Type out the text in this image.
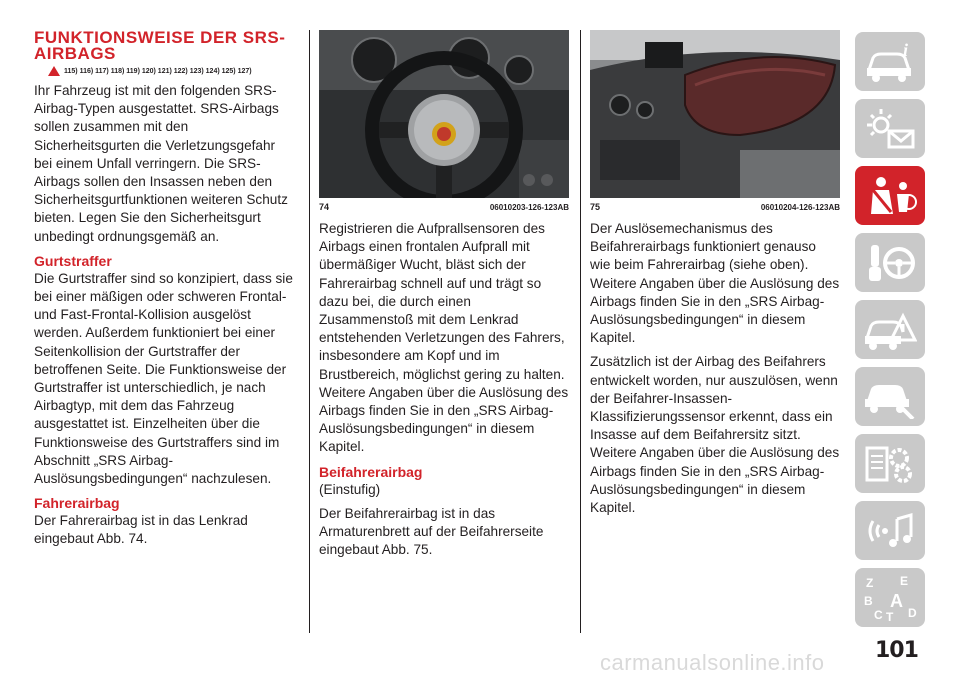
FUNKTIONSWEISE DER SRS-AIRBAGS
115) 116) 117) 118) 119) 120) 121) 122) 123) 124) 125) 127)

Ihr Fahrzeug ist mit den folgenden SRS-Airbag-Typen ausgestattet. SRS-Airbags sollen zusammen mit den Sicherheitsgurten die Verletzungsgefahr bei einem Unfall verringern. Die SRS-Airbags sollen den Insassen neben den Sicherheitsgurtfunktionen weiteren Schutz bieten. Legen Sie den Sicherheitsgurt unbedingt ordnungsgemäß an.

Gurtstraffer

Die Gurtstraffer sind so konzipiert, dass sie bei einer mäßigen oder schweren Frontal- und Fast-Frontal-Kollision ausgelöst werden. Außerdem funktioniert bei einer Seitenkollision der Gurtstraffer der betroffenen Seite. Die Funktionsweise der Gurtstraffer ist unterschiedlich, je nach Airbagtyp, mit dem das Fahrzeug ausgestattet ist. Einzelheiten über die Funktionsweise des Gurtstraffers sind im Abschnitt „SRS Airbag-Auslösungsbedingungen“ nachzulesen.

Fahrerairbag

Der Fahrerairbag ist in das Lenkrad eingebaut Abb. 74.

74	06010203-126-123AB

Registrieren die Aufprallsensoren des Airbags einen frontalen Aufprall mit übermäßiger Wucht, bläst sich der Fahrerairbag schnell auf und trägt so dazu bei, die durch einen Zusammenstoß mit dem Lenkrad entstehenden Verletzungen des Fahrers, insbesondere am Kopf und im Brustbereich, möglichst gering zu halten. Weitere Angaben über die Auslösung des Airbags finden Sie in den „SRS Airbag-Auslösungsbedingungen“ in diesem Kapitel.

Beifahrerairbag

(Einstufig)

Der Beifahrerairbag ist in das Armaturenbrett auf der Beifahrerseite eingebaut Abb. 75.

75	06010204-126-123AB

Der Auslösemechanismus des Beifahrerairbags funktioniert genauso wie beim Fahrerairbag (siehe oben). Weitere Angaben über die Auslösung des Airbags finden Sie in den „SRS Airbag-Auslösungsbedingungen“ in diesem Kapitel.

Zusätzlich ist der Airbag des Beifahrers entwickelt worden, nur auszulösen, wenn der Beifahrer-Insassen-Klassifizierungssensor erkennt, dass ein Insasse auf dem Beifahrersitz sitzt. Weitere Angaben über die Auslösung des Airbags finden Sie in den „SRS Airbag-Auslösungsbedingungen“ in diesem Kapitel.

i
Z E
B A
C T D
101
carmanualsonline.info
